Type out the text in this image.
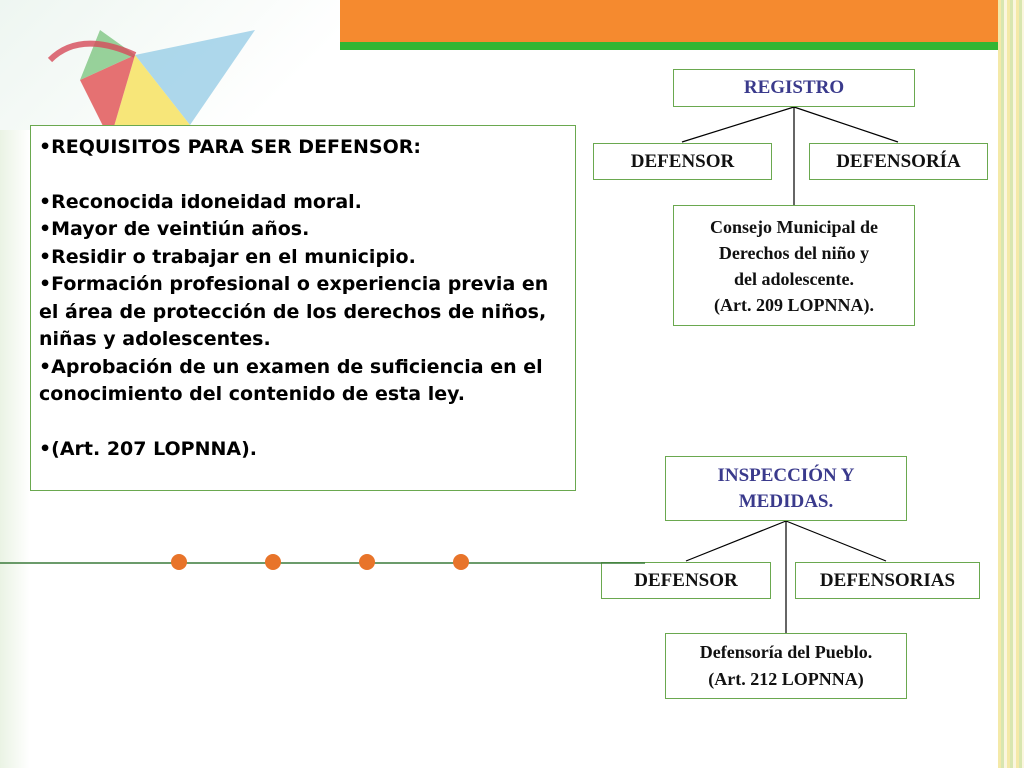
•REQUISITOS PARA SER DEFENSOR:
•Reconocida idoneidad moral.
•Mayor de veintiún años.
•Residir o trabajar en el municipio.
•Formación profesional o experiencia previa en el área de protección de los derechos de niños, niñas y adolescentes.
•Aprobación de un examen de suficiencia en el conocimiento del contenido de esta ley.
•(Art. 207 LOPNNA).
REGISTRO
DEFENSOR	DEFENSORÍA
Consejo Municipal de
Derechos del niño y
del adolescente.
(Art. 209 LOPNNA).
INSPECCIÓN Y
MEDIDAS.
DEFENSOR	DEFENSORIAS
Defensoría del Pueblo.
(Art. 212 LOPNNA)
